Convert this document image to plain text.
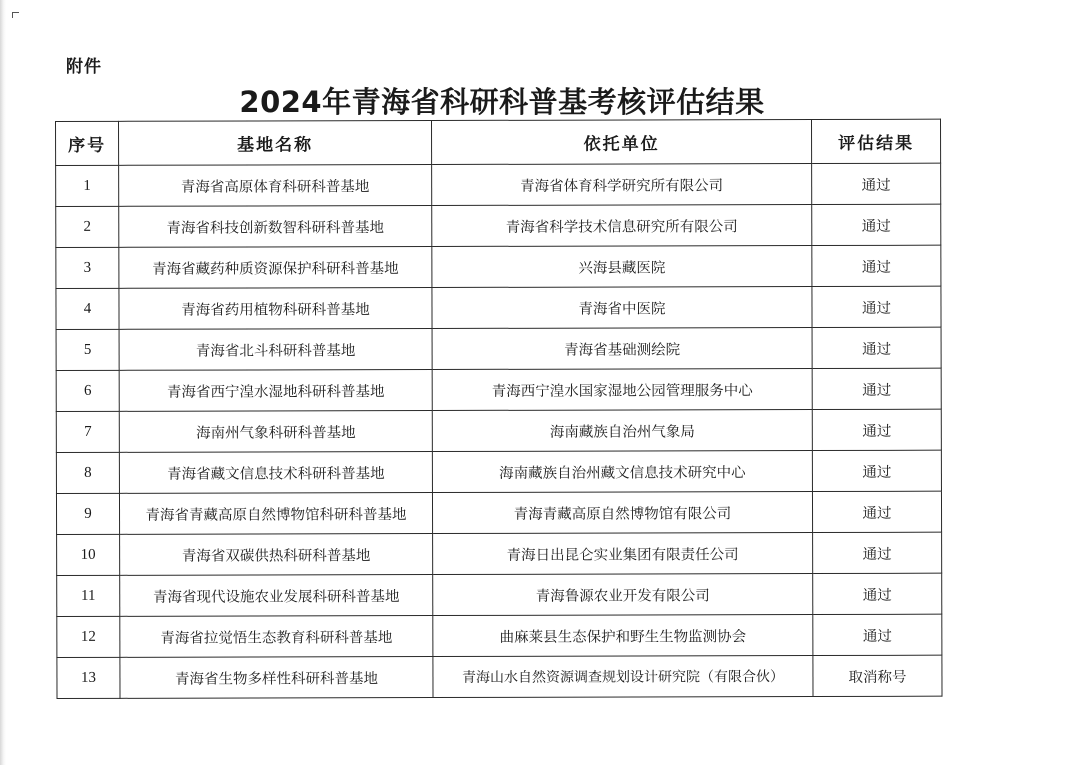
附件
2024年青海省科研科普基考核评估结果
序号	基地名称	依托单位	评估结果
1	青海省高原体育科研科普基地	青海省体育科学研究所有限公司	通过
2	青海省科技创新数智科研科普基地	青海省科学技术信息研究所有限公司	通过
3	青海省藏药种质资源保护科研科普基地	兴海县藏医院	通过
4	青海省药用植物科研科普基地	青海省中医院	通过
5	青海省北斗科研科普基地	青海省基础测绘院	通过
6	青海省西宁湟水湿地科研科普基地	青海西宁湟水国家湿地公园管理服务中心	通过
7	海南州气象科研科普基地	海南藏族自治州气象局	通过
8	青海省藏文信息技术科研科普基地	海南藏族自治州藏文信息技术研究中心	通过
9	青海省青藏高原自然博物馆科研科普基地	青海青藏高原自然博物馆有限公司	通过
10	青海省双碳供热科研科普基地	青海日出昆仑实业集团有限责任公司	通过
11	青海省现代设施农业发展科研科普基地	青海鲁源农业开发有限公司	通过
12	青海省拉觉悟生态教育科研科普基地	曲麻莱县生态保护和野生生物监测协会	通过
13	青海省生物多样性科研科普基地	青海山水自然资源调查规划设计研究院（有限合伙）	取消称号
